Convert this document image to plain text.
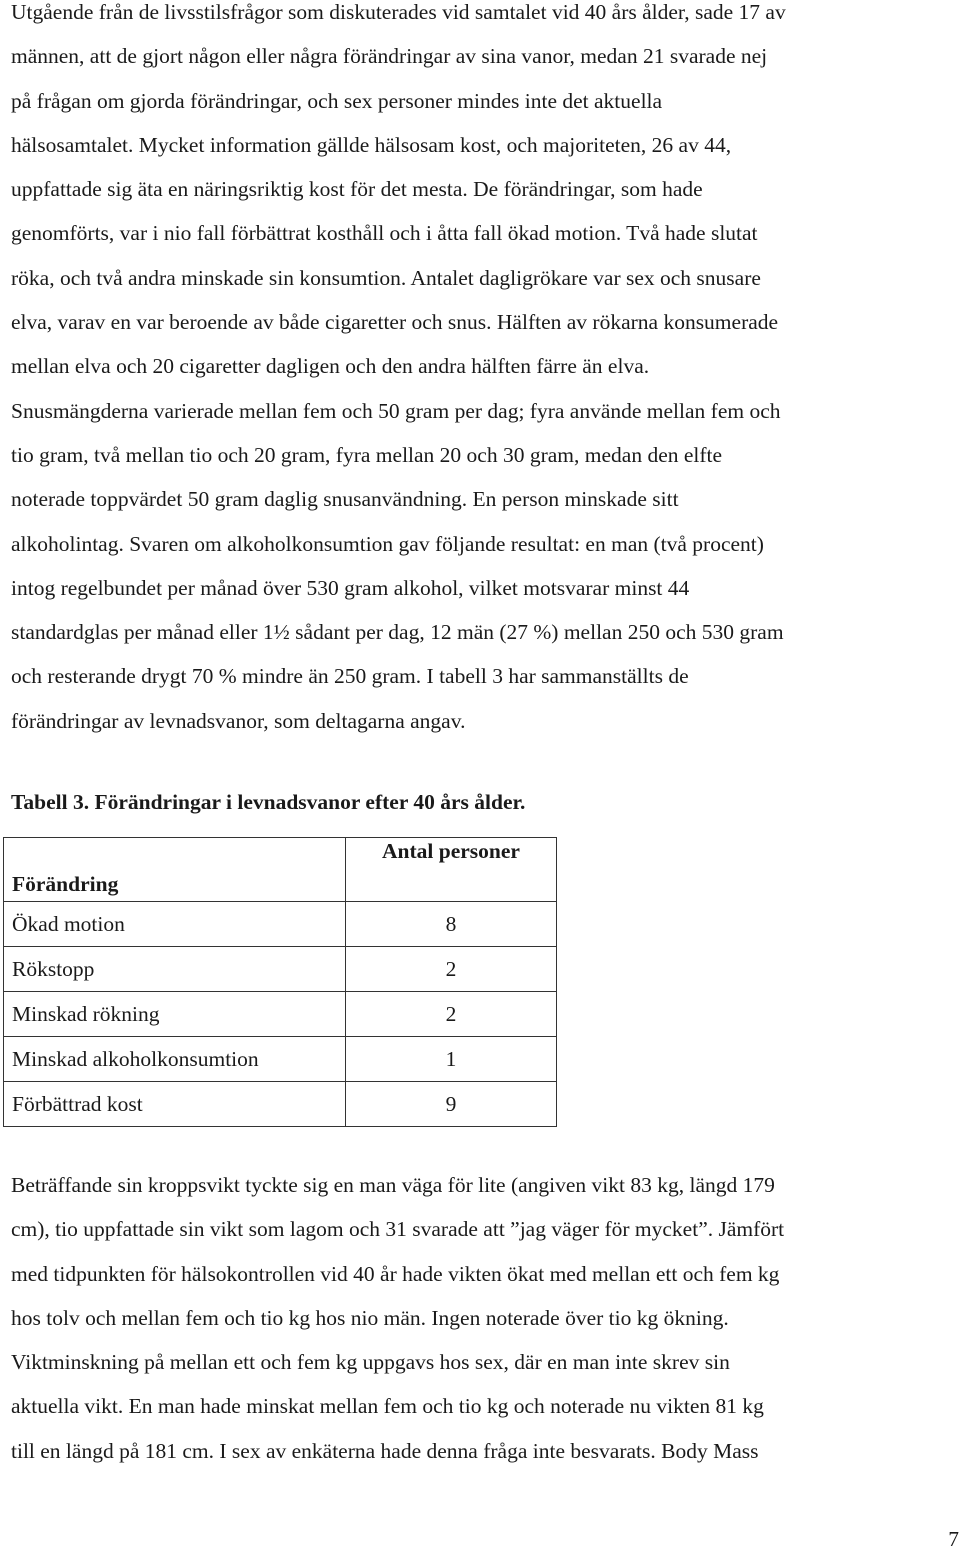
Utgående från de livsstilsfrågor som diskuterades vid samtalet vid 40 års ålder, sade 17 av
männen, att de gjort någon eller några förändringar av sina vanor, medan 21 svarade nej
på frågan om gjorda förändringar, och sex personer mindes inte det aktuella
hälsosamtalet. Mycket information gällde hälsosam kost, och majoriteten, 26 av 44,
uppfattade sig äta en näringsriktig kost för det mesta. De förändringar, som hade
genomförts, var i nio fall förbättrat kosthåll och i åtta fall ökad motion. Två hade slutat
röka, och två andra minskade sin konsumtion. Antalet dagligrökare var sex och snusare
elva, varav en var beroende av både cigaretter och snus. Hälften av rökarna konsumerade
mellan elva och 20 cigaretter dagligen och den andra hälften färre än elva.
Snusmängderna varierade mellan fem och 50 gram per dag; fyra använde mellan fem och
tio gram, två mellan tio och 20 gram, fyra mellan 20 och 30 gram, medan den elfte
noterade toppvärdet 50 gram daglig snusanvändning. En person minskade sitt
alkoholintag. Svaren om alkoholkonsumtion gav följande resultat: en man (två procent)
intog regelbundet per månad över 530 gram alkohol, vilket motsvarar minst 44
standardglas per månad eller 1½ sådant per dag, 12 män (27 %) mellan 250 och 530 gram
och resterande drygt 70 % mindre än 250 gram. I tabell 3 har sammanställts de
förändringar av levnadsvanor, som deltagarna angav.

Tabell 3. Förändringar i levnadsvanor efter 40 års ålder.

Förändring	Antal personer
Ökad motion	8
Rökstopp	2
Minskad rökning	2
Minskad alkoholkonsumtion	1
Förbättrad kost	9
Beträffande sin kroppsvikt tyckte sig en man väga för lite (angiven vikt 83 kg, längd 179
cm), tio uppfattade sin vikt som lagom och 31 svarade att ”jag väger för mycket”. Jämfört
med tidpunkten för hälsokontrollen vid 40 år hade vikten ökat med mellan ett och fem kg
hos tolv och mellan fem och tio kg hos nio män. Ingen noterade över tio kg ökning.
Viktminskning på mellan ett och fem kg uppgavs hos sex, där en man inte skrev sin
aktuella vikt. En man hade minskat mellan fem och tio kg och noterade nu vikten 81 kg
till en längd på 181 cm. I sex av enkäterna hade denna fråga inte besvarats. Body Mass
7
